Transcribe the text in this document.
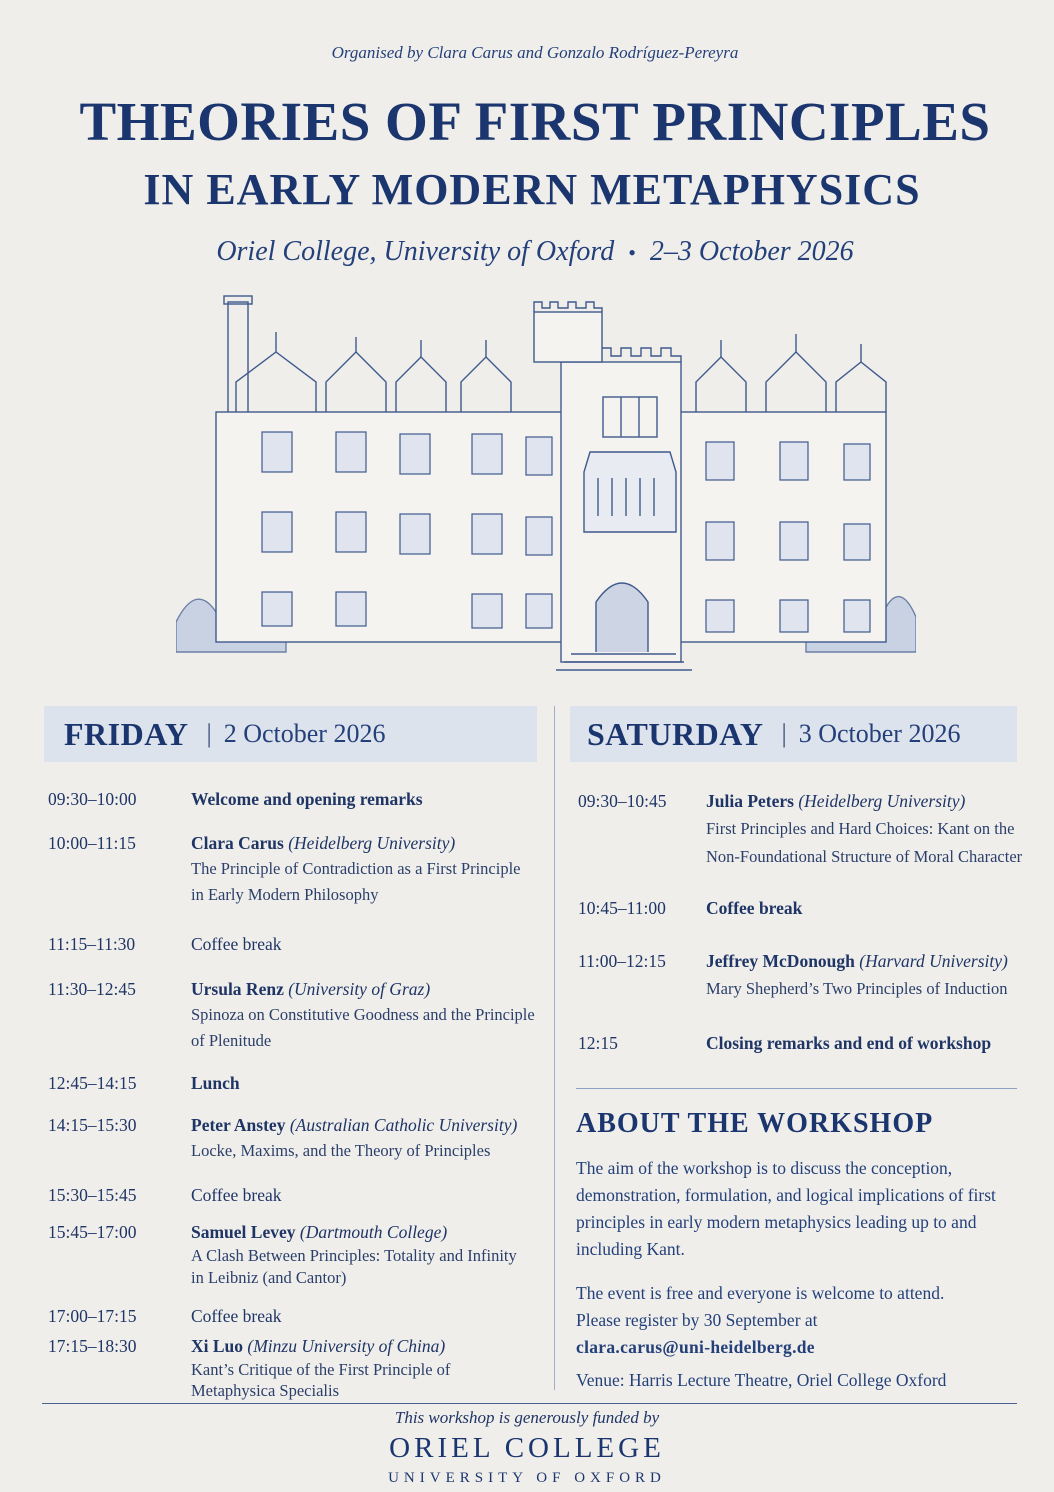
Organised by Clara Carus and Gonzalo Rodríguez-Pereyra
THEORIES OF FIRST PRINCIPLES
IN EARLY MODERN METAPHYSICS
Oriel College, University of Oxford • 2–3 October 2026
FRIDAY | 2 October 2026	SATURDAY | 3 October 2026
09:30–10:00	Welcome and opening remarks
10:00–11:15	Clara Carus (Heidelberg University)
The Principle of Contradiction as a First Principle
in Early Modern Philosophy
11:15–11:30	Coffee break
11:30–12:45	Ursula Renz (University of Graz)
Spinoza on Constitutive Goodness and the Principle
of Plenitude
12:45–14:15	Lunch
14:15–15:30	Peter Anstey (Australian Catholic University)
Locke, Maxims, and the Theory of Principles
15:30–15:45	Coffee break
15:45–17:00	Samuel Levey (Dartmouth College)
A Clash Between Principles: Totality and Infinity
in Leibniz (and Cantor)
17:00–17:15	Coffee break
17:15–18:30	Xi Luo (Minzu University of China)
Kant’s Critique of the First Principle of
Metaphysica Specialis
09:30–10:45 Julia Peters (Heidelberg University)
First Principles and Hard Choices: Kant on the
Non-Foundational Structure of Moral Character
10:45–11:00 Coffee break
11:00–12:15 Jeffrey McDonough (Harvard University)
Mary Shepherd’s Two Principles of Induction
12:15	Closing remarks and end of workshop
ABOUT THE WORKSHOP
The aim of the workshop is to discuss the conception, demonstration, formulation, and logical implications of first principles in early modern metaphysics leading up to and including Kant.
The event is free and everyone is welcome to attend.
Please register by 30 September at
clara.carus@uni-heidelberg.de
Venue: Harris Lecture Theatre, Oriel College Oxford
This workshop is generously funded by
ORIEL COLLEGE
UNIVERSITY OF OXFORD
